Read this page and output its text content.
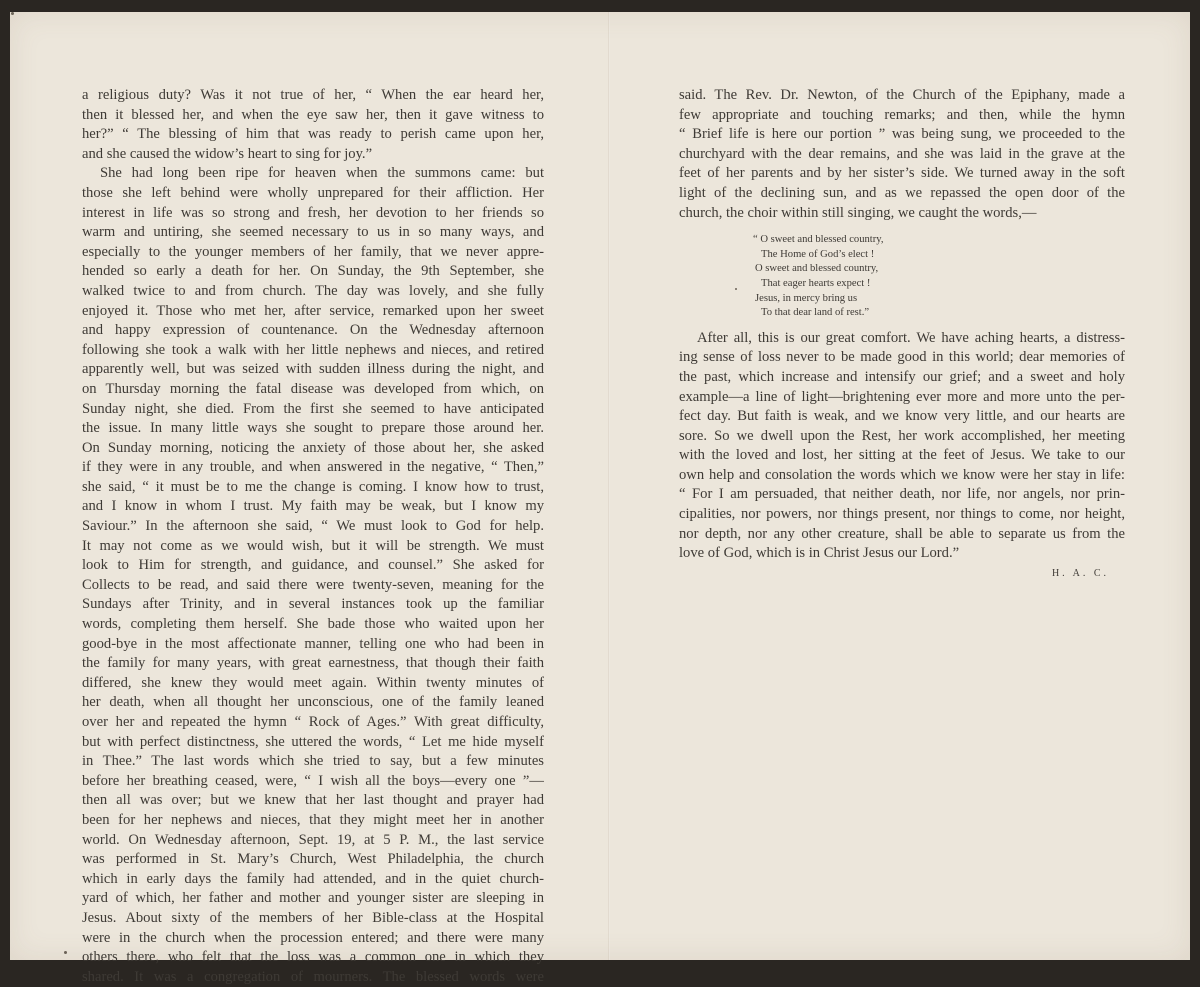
a religious duty? Was it not true of her, “ When the ear heard her,
then it blessed her, and when the eye saw her, then it gave witness to
her?” “ The blessing of him that was ready to perish came upon her,
and she caused the widow’s heart to sing for joy.”
She had long been ripe for heaven when the summons came: but
those she left behind were wholly unprepared for their affliction. Her
interest in life was so strong and fresh, her devotion to her friends so
warm and untiring, she seemed necessary to us in so many ways, and
especially to the younger members of her family, that we never appre-
hended so early a death for her. On Sunday, the 9th September, she
walked twice to and from church. The day was lovely, and she fully
enjoyed it. Those who met her, after service, remarked upon her sweet
and happy expression of countenance. On the Wednesday afternoon
following she took a walk with her little nephews and nieces, and retired
apparently well, but was seized with sudden illness during the night, and
on Thursday morning the fatal disease was developed from which, on
Sunday night, she died. From the first she seemed to have anticipated
the issue. In many little ways she sought to prepare those around her.
On Sunday morning, noticing the anxiety of those about her, she asked
if they were in any trouble, and when answered in the negative, “ Then,”
she said, “ it must be to me the change is coming. I know how to trust,
and I know in whom I trust. My faith may be weak, but I know my
Saviour.” In the afternoon she said, “ We must look to God for help.
It may not come as we would wish, but it will be strength. We must
look to Him for strength, and guidance, and counsel.” She asked for
Collects to be read, and said there were twenty-seven, meaning for the
Sundays after Trinity, and in several instances took up the familiar
words, completing them herself. She bade those who waited upon her
good-bye in the most affectionate manner, telling one who had been in
the family for many years, with great earnestness, that though their faith
differed, she knew they would meet again. Within twenty minutes of
her death, when all thought her unconscious, one of the family leaned
over her and repeated the hymn “ Rock of Ages.” With great difficulty,
but with perfect distinctness, she uttered the words, “ Let me hide myself
in Thee.” The last words which she tried to say, but a few minutes
before her breathing ceased, were, “ I wish all the boys—every one ”—
then all was over; but we knew that her last thought and prayer had
been for her nephews and nieces, that they might meet her in another
world. On Wednesday afternoon, Sept. 19, at 5 P. M., the last service
was performed in St. Mary’s Church, West Philadelphia, the church
which in early days the family had attended, and in the quiet church-
yard of which, her father and mother and younger sister are sleeping in
Jesus. About sixty of the members of her Bible-class at the Hospital
were in the church when the procession entered; and there were many
others there, who felt that the loss was a common one in which they
shared. It was a congregation of mourners. The blessed words were
said. The Rev. Dr. Newton, of the Church of the Epiphany, made a
few appropriate and touching remarks; and then, while the hymn
“ Brief life is here our portion ” was being sung, we proceeded to the
churchyard with the dear remains, and she was laid in the grave at the
feet of her parents and by her sister’s side. We turned away in the soft
light of the declining sun, and as we repassed the open door of the
church, the choir within still singing, we caught the words,—
“ O sweet and blessed country,
The Home of God’s elect !
O sweet and blessed country,
That eager hearts expect !
Jesus, in mercy bring us
To that dear land of rest.”
After all, this is our great comfort. We have aching hearts, a distress-
ing sense of loss never to be made good in this world; dear memories of
the past, which increase and intensify our grief; and a sweet and holy
example—a line of light—brightening ever more and more unto the per-
fect day. But faith is weak, and we know very little, and our hearts are
sore. So we dwell upon the Rest, her work accomplished, her meeting
with the loved and lost, her sitting at the feet of Jesus. We take to our
own help and consolation the words which we know were her stay in life:
“ For I am persuaded, that neither death, nor life, nor angels, nor prin-
cipalities, nor powers, nor things present, nor things to come, nor height,
nor depth, nor any other creature, shall be able to separate us from the
love of God, which is in Christ Jesus our Lord.”
H. A. C.
